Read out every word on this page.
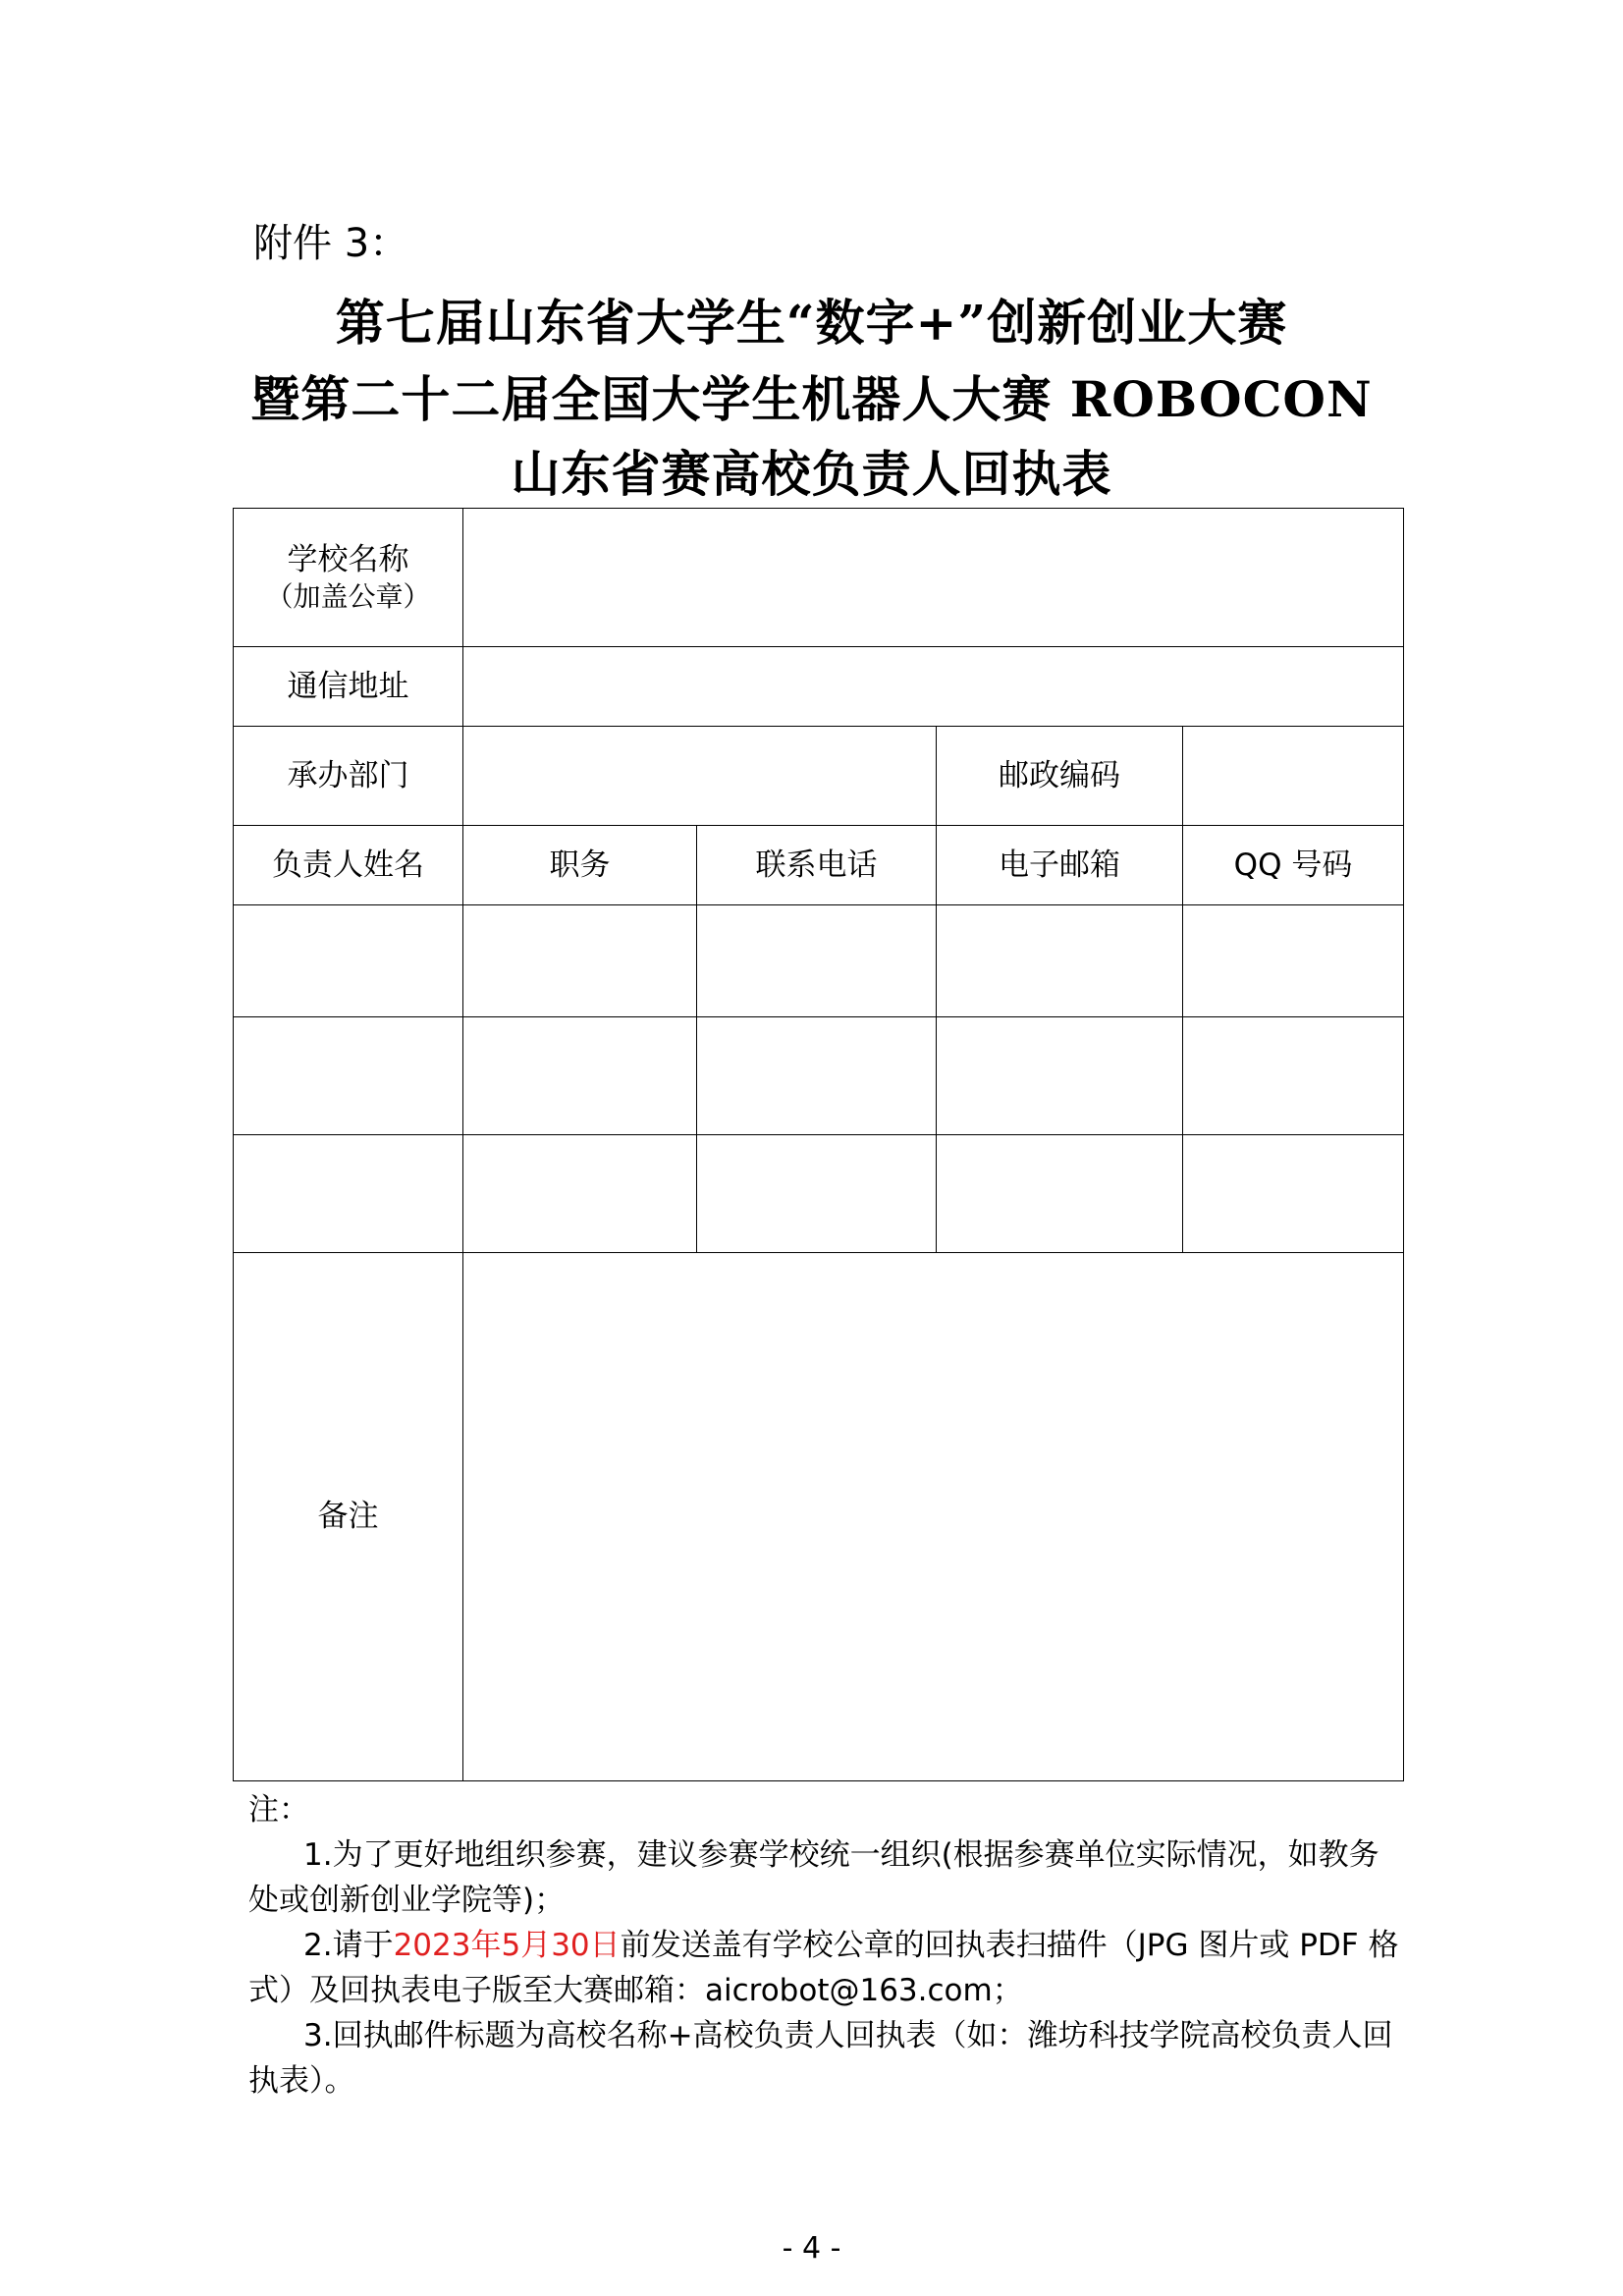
附件 3：
第七届山东省大学生“数字+”创新创业大赛
暨第二十二届全国大学生机器人大赛 ROBOCON
山东省赛高校负责人回执表
学校名称
（加盖公章）				

通信地址				
承办部门			邮政编码	
负责人姓名	职务	联系电话	电子邮箱	QQ 号码

备注				

注：

1.为了更好地组织参赛，建议参赛学校统一组织(根据参赛单位实际情况，如教务处或创新创业学院等)；

2.请于2023年5月30日前发送盖有学校公章的回执表扫描件（JPG 图片或 PDF 格式）及回执表电子版至大赛邮箱：aicrobot@163.com；

3.回执邮件标题为高校名称+高校负责人回执表（如：潍坊科技学院高校负责人回执表）。

- 4 -
